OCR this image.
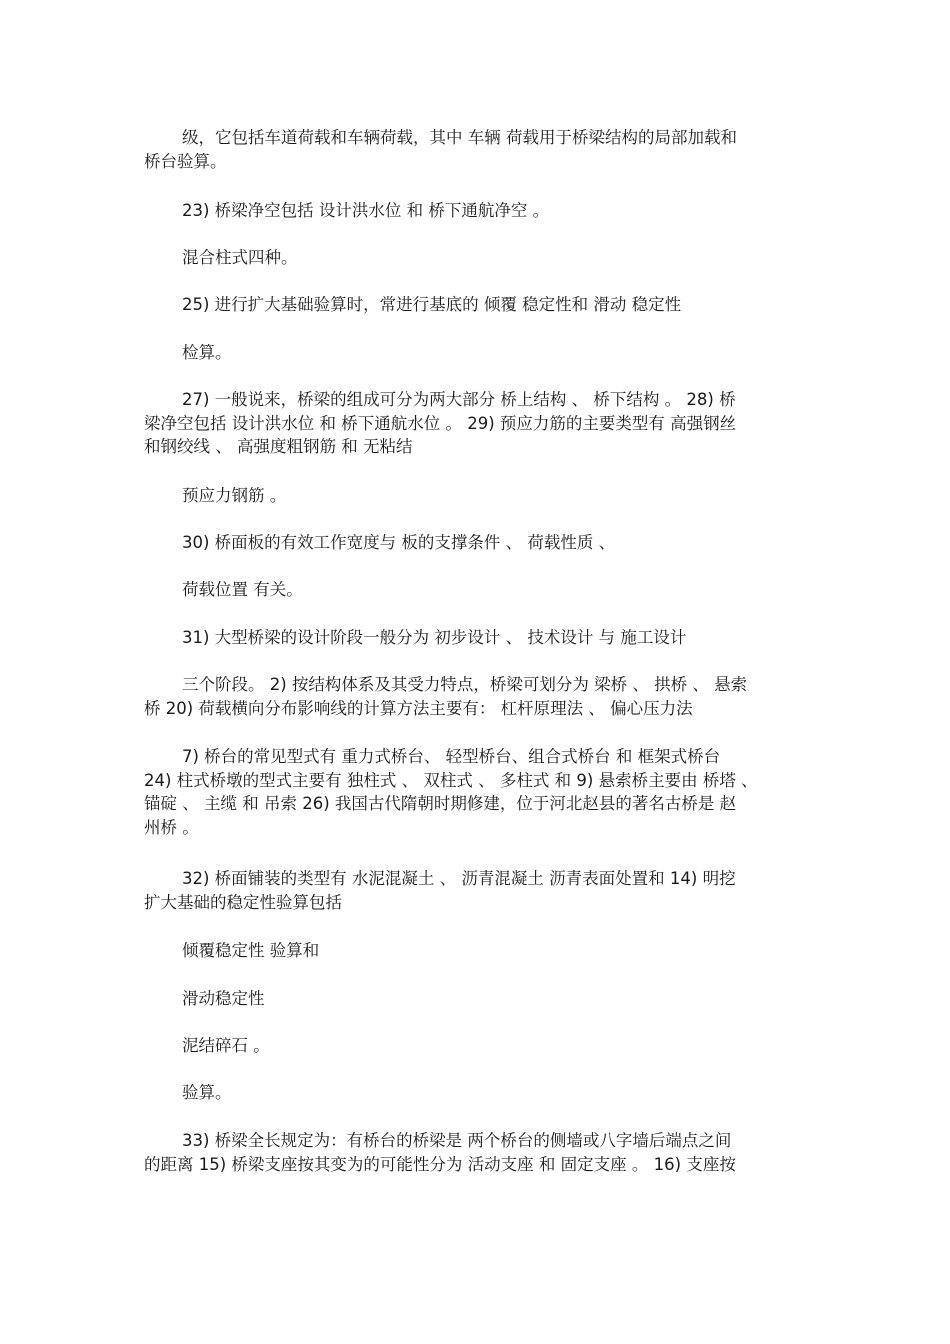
级，它包括车道荷载和车辆荷载，其中 车辆 荷载用于桥梁结构的局部加载和
桥台验算。

23) 桥梁净空包括 设计洪水位 和 桥下通航净空 。

混合柱式四种。

25) 进行扩大基础验算时，常进行基底的 倾覆 稳定性和 滑动 稳定性

检算。

27) 一般说来，桥梁的组成可分为两大部分 桥上结构 、 桥下结构 。 28) 桥
梁净空包括 设计洪水位 和 桥下通航水位 。 29) 预应力筋的主要类型有 高强钢丝
和钢绞线 、 高强度粗钢筋 和 无粘结

预应力钢筋 。

30) 桥面板的有效工作宽度与 板的支撑条件 、 荷载性质 、

荷载位置 有关。

31) 大型桥梁的设计阶段一般分为 初步设计 、 技术设计 与 施工设计

三个阶段。 2) 按结构体系及其受力特点，桥梁可划分为 梁桥 、 拱桥 、 悬索
桥 20) 荷载横向分布影响线的计算方法主要有： 杠杆原理法 、 偏心压力法

7) 桥台的常见型式有 重力式桥台、 轻型桥台、组合式桥台 和 框架式桥台
24) 柱式桥墩的型式主要有 独柱式 、 双柱式 、 多柱式 和 9) 悬索桥主要由 桥塔 、
锚碇 、 主缆 和 吊索 26) 我国古代隋朝时期修建，位于河北赵县的著名古桥是 赵
州桥 。

32) 桥面铺装的类型有 水泥混凝土 、 沥青混凝土 沥青表面处置和 14) 明挖
扩大基础的稳定性验算包括

倾覆稳定性 验算和

滑动稳定性

泥结碎石 。

验算。

33) 桥梁全长规定为：有桥台的桥梁是 两个桥台的侧墙或八字墙后端点之间
的距离 15) 桥梁支座按其变为的可能性分为 活动支座 和 固定支座 。 16) 支座按
